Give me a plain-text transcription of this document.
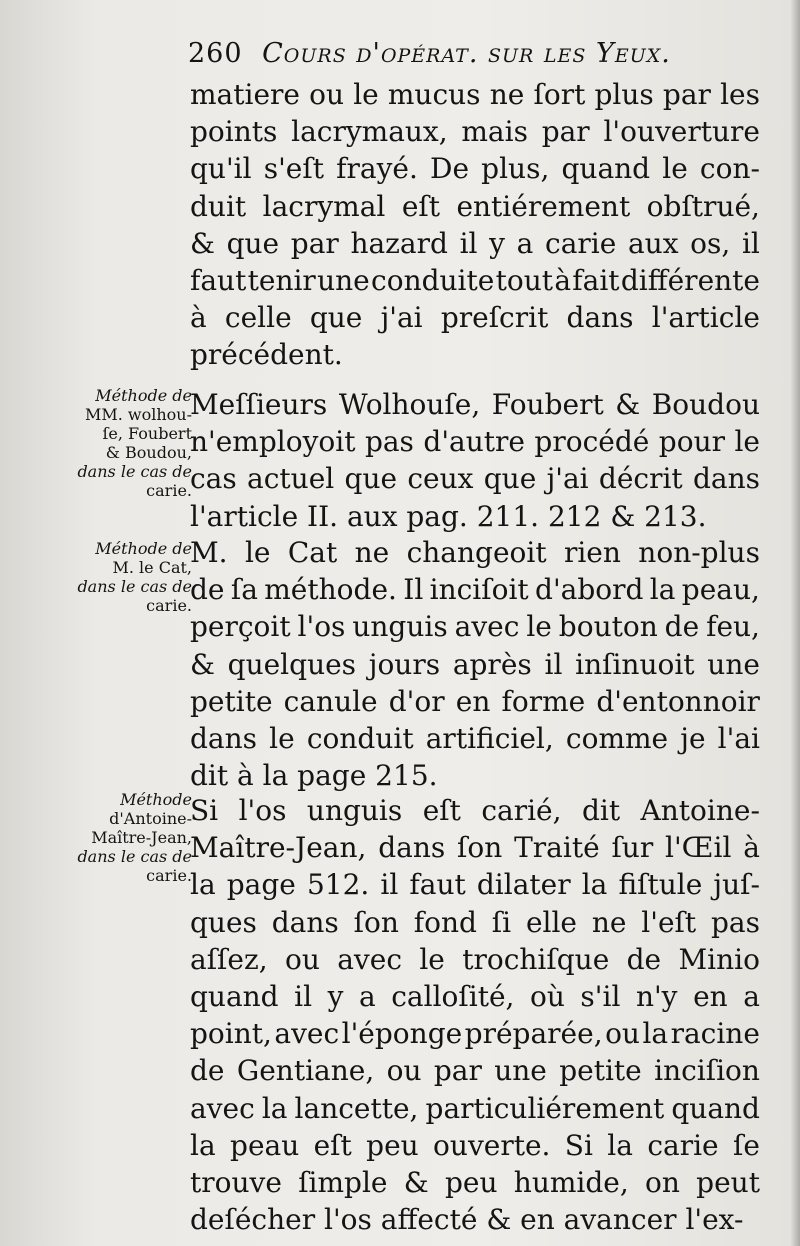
260 Cours d'opérat. sur les Yeux.
matiere ou le mucus ne ſort plus par les
points lacrymaux, mais par l'ouverture
qu'il s'eſt frayé. De plus, quand le con-
duit lacrymal eſt entiérement obſtrué,
& que par hazard il y a carie aux os, il
faut tenir une conduite tout à fait différente
à celle que j'ai preſcrit dans l'article
précédent.
Meſſieurs Wolhouſe, Foubert & Boudou
n'employoit pas d'autre procédé pour le
cas actuel que ceux que j'ai décrit dans
l'article II. aux pag. 211. 212 & 213.
M. le Cat ne changeoit rien non-plus
de ſa méthode. Il inciſoit d'abord la peau,
perçoit l'os unguis avec le bouton de feu,
& quelques jours après il inſinuoit une
petite canule d'or en forme d'entonnoir
dans le conduit artificiel, comme je l'ai
dit à la page 215.
Si l'os unguis eſt carié, dit Antoine-
Maître-Jean, dans ſon Traité ſur l'Œil à
la page 512. il faut dilater la fiſtule juſ-
ques dans ſon fond ſi elle ne l'eſt pas
aſſez, ou avec le trochiſque de Minio
quand il y a calloſité, où s'il n'y en a
point, avec l'éponge préparée, ou la racine
de Gentiane, ou par une petite inciſion
avec la lancette, particuliérement quand
la peau eſt peu ouverte. Si la carie ſe
trouve ſimple & peu humide, on peut
deſécher l'os affecté & en avancer l'ex-
Méthode de
MM. wolhou-
ſe, Foubert
& Boudou,
dans le cas de
carie.
Méthode de
M. le Cat,
dans le cas de
carie.
Méthode
d'Antoine-
Maître-Jean,
dans le cas de
carie.
